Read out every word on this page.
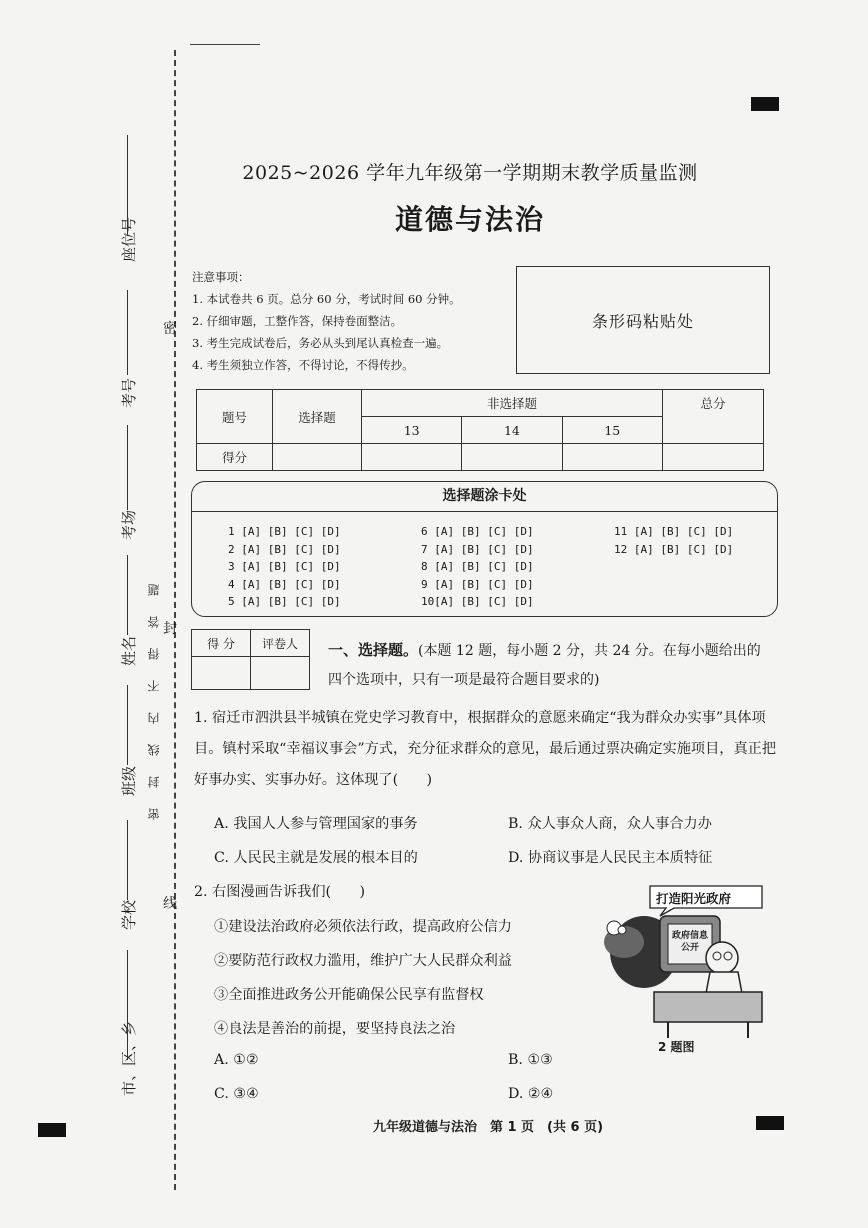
座位号
考号
考场
姓名
班级
学校
市、区、乡
密
封
线
密封线内不得答题
2025~2026 学年九年级第一学期期末教学质量监测
道德与法治
注意事项：
1. 本试卷共 6 页。总分 60 分，考试时间 60 分钟。
2. 仔细审题，工整作答，保持卷面整洁。
3. 考生完成试卷后，务必从头到尾认真检查一遍。
4. 考生须独立作答，不得讨论，不得传抄。
条形码粘贴处
题号	选择题	非选择题			总分
		13	14	15	
得分					
选择题涂卡处
1 [A] [B] [C] [D]
2 [A] [B] [C] [D]
3 [A] [B] [C] [D]
4 [A] [B] [C] [D]
5 [A] [B] [C] [D]
6 [A] [B] [C] [D]
7 [A] [B] [C] [D]
8 [A] [B] [C] [D]
9 [A] [B] [C] [D]
10[A] [B] [C] [D]
11 [A] [B] [C] [D]
12 [A] [B] [C] [D]
得 分	评卷人
	一、选择题。(本题 12 题，每小题 2 分，共 24 分。在每小题给出的四个选项中，只有一项是最符合题目要求的)
1. 宿迁市泗洪县半城镇在党史学习教育中，根据群众的意愿来确定“我为群众办实事”具体项目。镇村采取“幸福议事会”方式，充分征求群众的意见，最后通过票决确定实施项目，真正把好事办实、实事办好。这体现了(　　)
A. 我国人人参与管理国家的事务	B. 众人事众人商，众人事合力办
C. 人民民主就是发展的根本目的	D. 协商议事是人民民主本质特征
2. 右图漫画告诉我们(　　)
①建设法治政府必须依法行政，提高政府公信力
②要防范行政权力滥用，维护广大人民群众利益
③全面推进政务公开能确保公民享有监督权
④良法是善治的前提，要坚持良法之治
A. ①②	B. ①③
C. ③④	D. ②④
打造阳光政府
政府信息公开
2 题图
九年级道德与法治　第 1 页　(共 6 页)
